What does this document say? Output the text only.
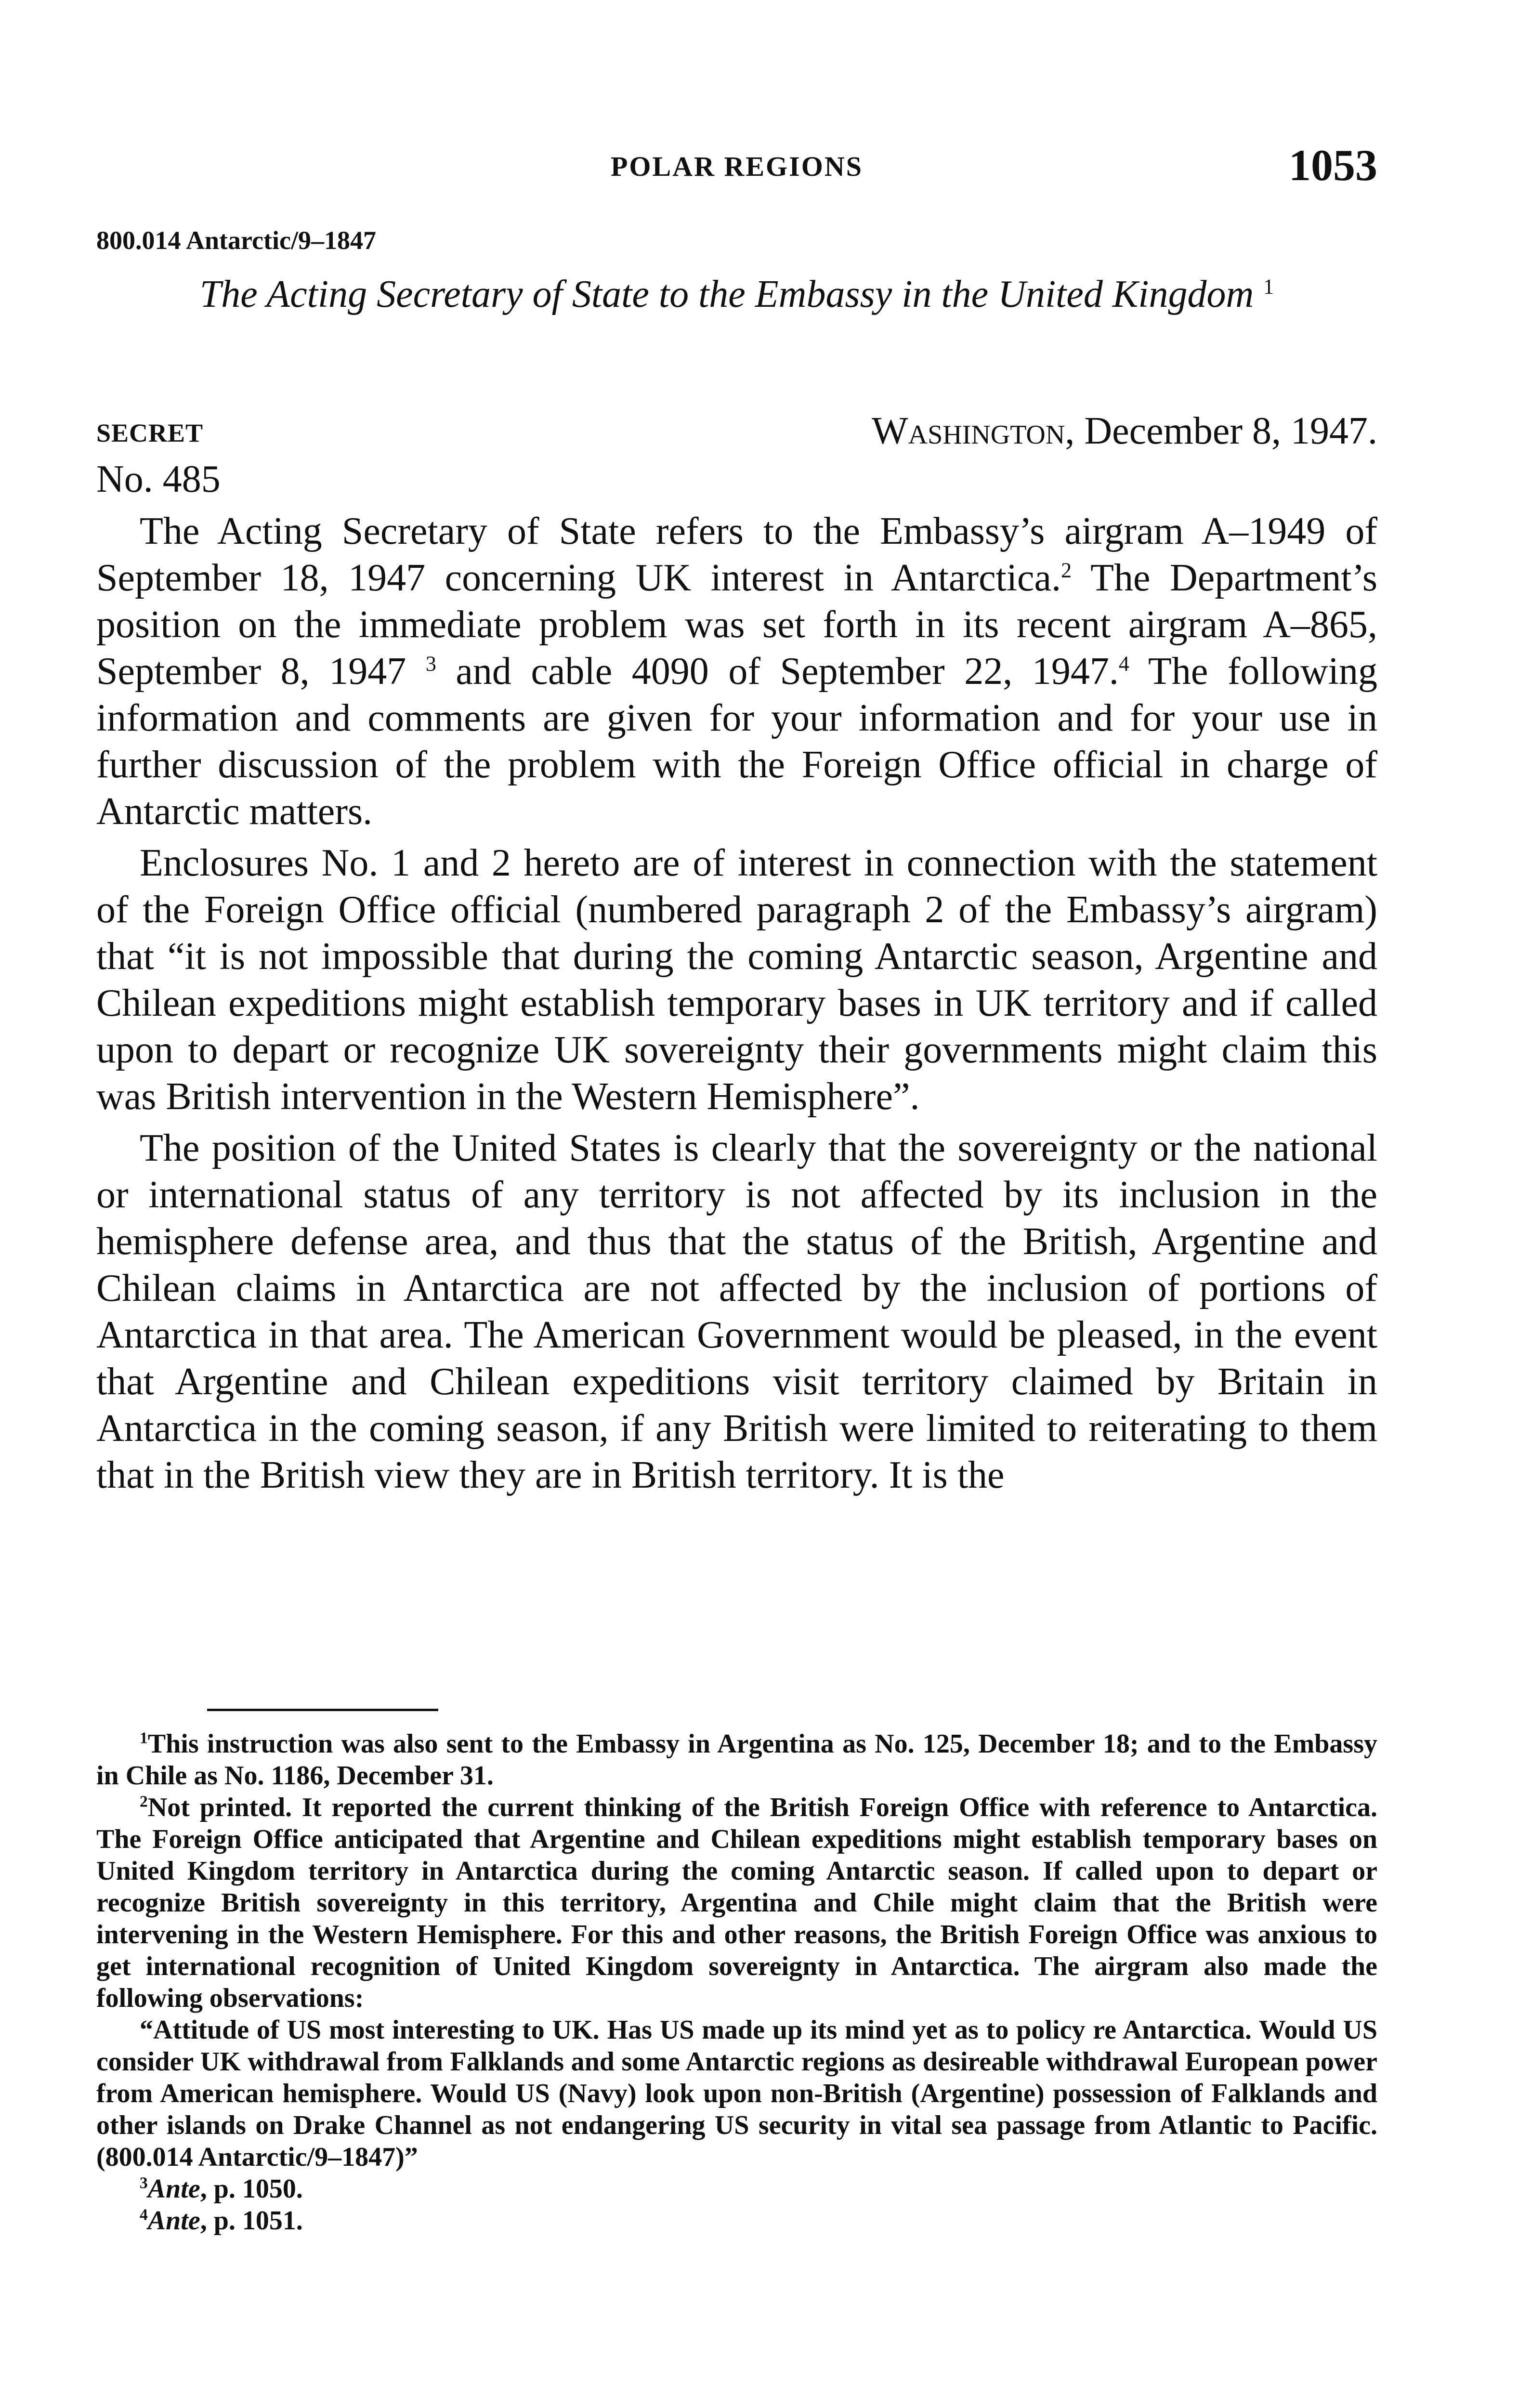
POLAR REGIONS	1053
800.014 Antarctic/9–1847
The Acting Secretary of State to the Embassy in the United Kingdom $^1$
SECRET	Washington, December 8, 1947.
No. 485

The Acting Secretary of State refers to the Embassy’s airgram A–1949 of September 18, 1947 concerning UK interest in Antarctica.$^2$ The Department’s position on the immediate problem was set forth in its recent airgram A–865, September 8, 1947 $^3$ and cable 4090 of September 22, 1947.$^4$ The following information and comments are given for your information and for your use in further discussion of the problem with the Foreign Office official in charge of Antarctic matters.

Enclosures No. 1 and 2 hereto are of interest in connection with the statement of the Foreign Office official (numbered paragraph 2 of the Embassy’s airgram) that “it is not impossible that during the coming Antarctic season, Argentine and Chilean expeditions might establish temporary bases in UK territory and if called upon to depart or recognize UK sovereignty their governments might claim this was British intervention in the Western Hemisphere”.

The position of the United States is clearly that the sovereignty or the national or international status of any territory is not affected by its inclusion in the hemisphere defense area, and thus that the status of the British, Argentine and Chilean claims in Antarctica are not affected by the inclusion of portions of Antarctica in that area. The American Government would be pleased, in the event that Argentine and Chilean expeditions visit territory claimed by Britain in Antarctica in the coming season, if any British were limited to reiterating to them that in the British view they are in British territory. It is the

$^1$This instruction was also sent to the Embassy in Argentina as No. 125, December 18; and to the Embassy in Chile as No. 1186, December 31.

$^2$Not printed. It reported the current thinking of the British Foreign Office with reference to Antarctica. The Foreign Office anticipated that Argentine and Chilean expeditions might establish temporary bases on United Kingdom territory in Antarctica during the coming Antarctic season. If called upon to depart or recognize British sovereignty in this territory, Argentina and Chile might claim that the British were intervening in the Western Hemisphere. For this and other reasons, the British Foreign Office was anxious to get international recognition of United Kingdom sovereignty in Antarctica. The airgram also made the following observations:

“Attitude of US most interesting to UK. Has US made up its mind yet as to policy re Antarctica. Would US consider UK withdrawal from Falklands and some Antarctic regions as desireable withdrawal European power from American hemisphere. Would US (Navy) look upon non-British (Argentine) possession of Falklands and other islands on Drake Channel as not endangering US security in vital sea passage from Atlantic to Pacific. (800.014 Antarctic/9–1847)”

$^3$Ante, p. 1050.

$^4$Ante, p. 1051.
